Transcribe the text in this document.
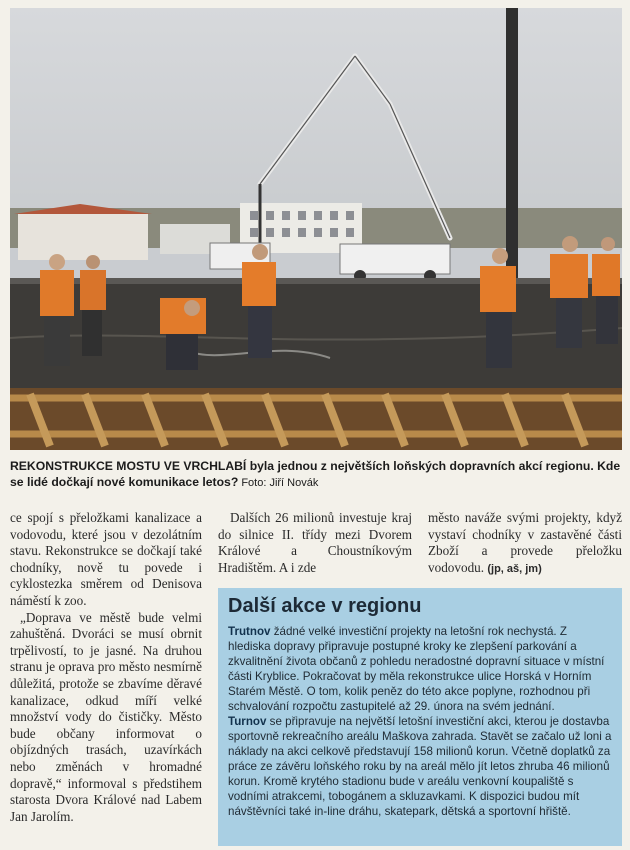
REKONSTRUKCE MOSTU VE VRCHLABÍ byla jednou z největších loňských dopravních akcí regionu. Kde se lidé dočkají nové komunikace letos? Foto: Jiří Novák

ce spojí s přeložkami kanalizace a vodovodu, které jsou v dezolátním stavu. Rekonstrukce se dočkají také chodníky, nově tu povede i cyklostezka směrem od Denisova náměstí k zoo.

„Doprava ve městě bude velmi zahuštěná. Dvoráci se musí obrnit trpělivostí, to je jasné. Na druhou stranu je oprava pro město nesmírně důležitá, protože se zbavíme děravé kanalizace, odkud míří velké množství vody do čističky. Město bude občany informovat o objízdných trasách, uzavírkách nebo změnách v hromadné dopravě,“ informoval s předstihem starosta Dvora Králové nad Labem Jan Jarolím.

Dalších 26 milionů investuje kraj do silnice II. třídy mezi Dvorem Králové a Choustníkovým Hradištěm. A i zde

město naváže svými projekty, když vystaví chodníky v zastavěné části Zboží a provede přeložku vodovodu. (jp, aš, jm)

Další akce v regionu

Trutnov žádné velké investiční projekty na letošní rok nechystá. Z hlediska dopravy připravuje postupné kroky ke zlepšení parkování a zkvalitnění života občanů z pohledu neradostné dopravní situace v místní části Kryblice. Pokračovat by měla rekonstrukce ulice Horská v Horním Starém Městě. O tom, kolik peněz do této akce poplyne, rozhodnou při schvalování rozpočtu zastupitelé až 29. února na svém jednání.

Turnov se připravuje na největší letošní investiční akci, kterou je dostavba sportovně rekreačního areálu Maškova zahrada. Stavět se začalo už loni a náklady na akci celkově představují 158 milionů korun. Včetně doplatků za práce ze závěru loňského roku by na areál mělo jít letos zhruba 46 milionů korun. Kromě krytého stadionu bude v areálu venkovní koupaliště s vodními atrakcemi, tobogánem a skluzavkami. K dispozici budou mít návštěvníci také in-line dráhu, skatepark, dětská a sportovní hřiště.
